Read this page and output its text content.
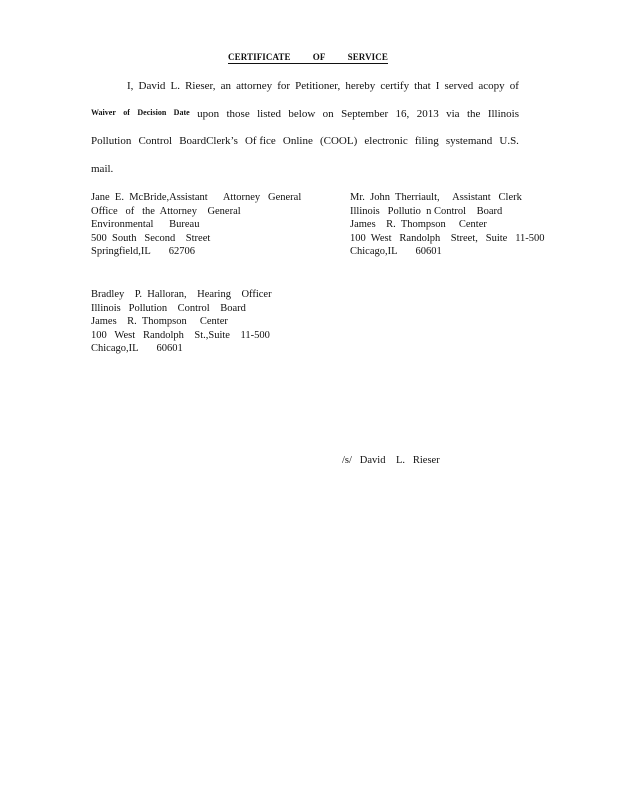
CERTIFICATE OF SERVICE
I, David L. Rieser, an attorney for Petitioner, hereby certify that I served acopy of
Waiver of Decision Date upon those listed below on September 16, 2013 via the Illinois
Pollution Control BoardClerk’s Of fice Online (COOL) electronic filing systemand U.S.
mail.
Jane  E.  McBride,Assistant      Attorney   General
Office   of   the  Attorney    General
Environmental      Bureau
500  South   Second    Street
Springfield,IL       62706
Mr.  John  Therriault,     Assistant   Clerk
Illinois   Pollutio  n Control    Board
James    R.  Thompson     Center
100  West   Randolph    Street,   Suite   11-500
Chicago,IL       60601
Bradley    P.  Halloran,    Hearing    Officer
Illinois   Pollution    Control    Board
James    R.  Thompson     Center
100   West   Randolph    St.,Suite    11-500
Chicago,IL       60601
/s/   David    L.   Rieser
